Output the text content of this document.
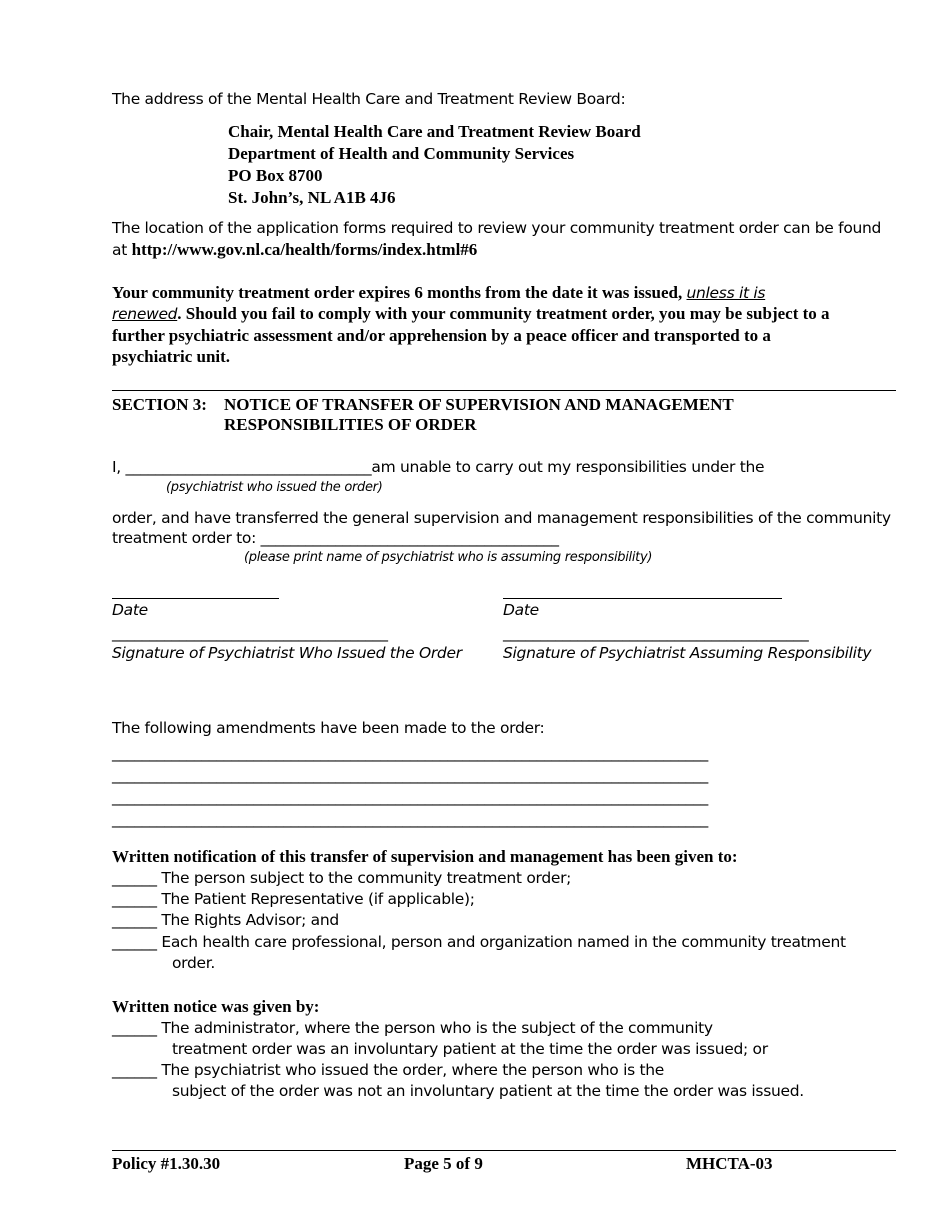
The address of the Mental Health Care and Treatment Review Board:
Chair, Mental Health Care and Treatment Review Board
Department of Health and Community Services
PO Box 8700
St. John’s, NL A1B 4J6
The location of the application forms required to review your community treatment order can be found
at http://www.gov.nl.ca/health/forms/index.html#6
Your community treatment order expires 6 months from the date it was issued, unless it is
renewed. Should you fail to comply with your community treatment order, you may be subject to a
further psychiatric assessment and/or apprehension by a peace officer and transported to a
psychiatric unit.
SECTION 3: NOTICE OF TRANSFER OF SUPERVISION AND MANAGEMENT
RESPONSIBILITIES OF ORDER
I, _________________________________am unable to carry out my responsibilities under the
(psychiatrist who issued the order)
order, and have transferred the general supervision and management responsibilities of the community
treatment order to: ________________________________________
(please print name of psychiatrist who is assuming responsibility)
Date	Date
_____________________________________	_________________________________________
Signature of Psychiatrist Who Issued the Order	Signature of Psychiatrist Assuming Responsibility
The following amendments have been made to the order:
________________________________________________________________________________
________________________________________________________________________________
________________________________________________________________________________
________________________________________________________________________________
Written notification of this transfer of supervision and management has been given to:
______ The person subject to the community treatment order;
______ The Patient Representative (if applicable);
______ The Rights Advisor; and
______ Each health care professional, person and organization named in the community treatment
order.
Written notice was given by:
______ The administrator, where the person who is the subject of the community
treatment order was an involuntary patient at the time the order was issued; or
______ The psychiatrist who issued the order, where the person who is the
subject of the order was not an involuntary patient at the time the order was issued.
Policy #1.30.30	Page 5 of 9	MHCTA-03
